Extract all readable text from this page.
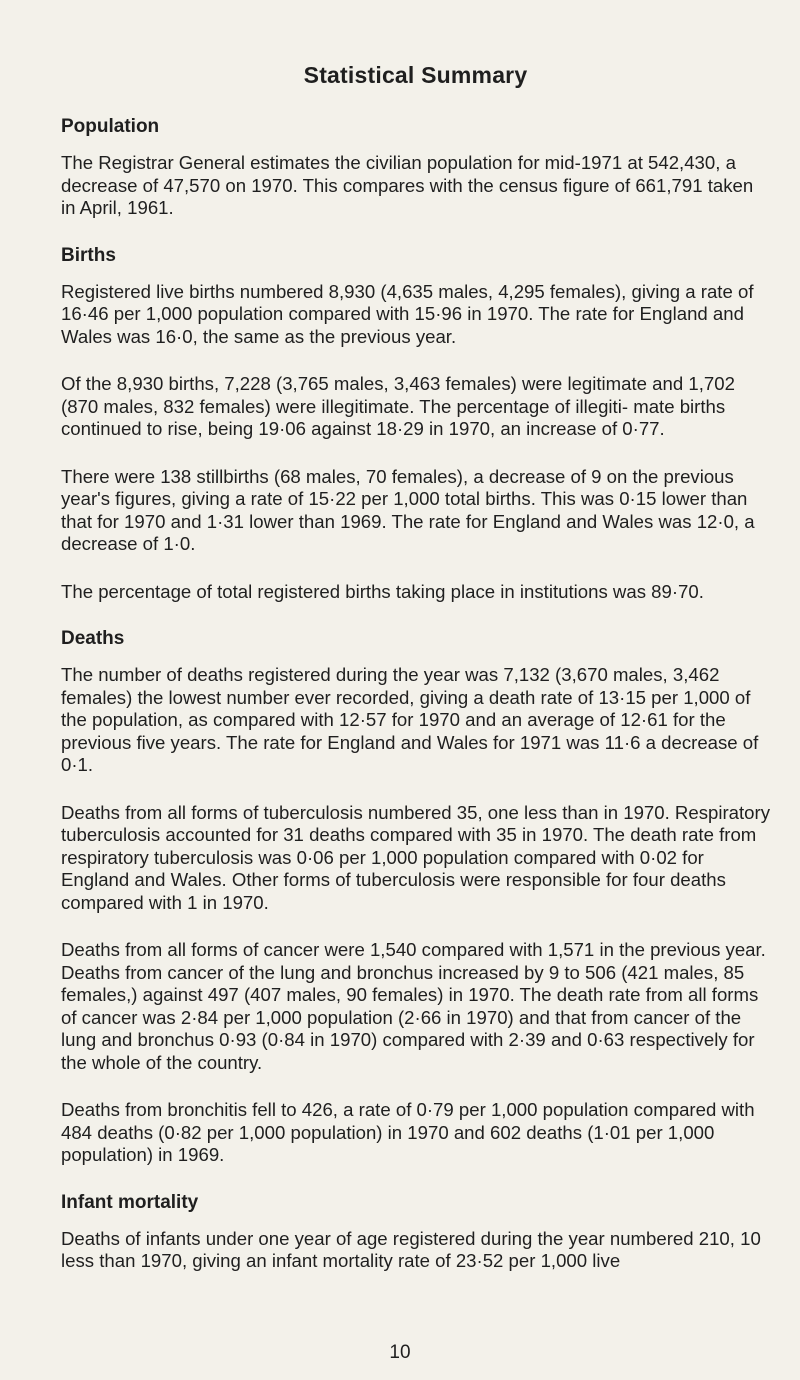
Statistical Summary
Population

The Registrar General estimates the civilian population for mid-1971 at 542,430, a decrease of 47,570 on 1970. This compares with the census figure of 661,791 taken in April, 1961.

Births

Registered live births numbered 8,930 (4,635 males, 4,295 females), giving a rate of 16·46 per 1,000 population compared with 15·96 in 1970. The rate for England and Wales was 16·0, the same as the previous year.

Of the 8,930 births, 7,228 (3,765 males, 3,463 females) were legitimate and 1,702 (870 males, 832 females) were illegitimate. The percentage of illegiti- mate births continued to rise, being 19·06 against 18·29 in 1970, an increase of 0·77.

There were 138 stillbirths (68 males, 70 females), a decrease of 9 on the previous year's figures, giving a rate of 15·22 per 1,000 total births. This was 0·15 lower than that for 1970 and 1·31 lower than 1969. The rate for England and Wales was 12·0, a decrease of 1·0.

The percentage of total registered births taking place in institutions was 89·70.

Deaths

The number of deaths registered during the year was 7,132 (3,670 males, 3,462 females) the lowest number ever recorded, giving a death rate of 13·15 per 1,000 of the population, as compared with 12·57 for 1970 and an average of 12·61 for the previous five years. The rate for England and Wales for 1971 was 11·6 a decrease of 0·1.

Deaths from all forms of tuberculosis numbered 35, one less than in 1970. Respiratory tuberculosis accounted for 31 deaths compared with 35 in 1970. The death rate from respiratory tuberculosis was 0·06 per 1,000 population compared with 0·02 for England and Wales. Other forms of tuberculosis were responsible for four deaths compared with 1 in 1970.

Deaths from all forms of cancer were 1,540 compared with 1,571 in the previous year. Deaths from cancer of the lung and bronchus increased by 9 to 506 (421 males, 85 females,) against 497 (407 males, 90 females) in 1970. The death rate from all forms of cancer was 2·84 per 1,000 population (2·66 in 1970) and that from cancer of the lung and bronchus 0·93 (0·84 in 1970) compared with 2·39 and 0·63 respectively for the whole of the country.

Deaths from bronchitis fell to 426, a rate of 0·79 per 1,000 population compared with 484 deaths (0·82 per 1,000 population) in 1970 and 602 deaths (1·01 per 1,000 population) in 1969.

Infant mortality

Deaths of infants under one year of age registered during the year numbered 210, 10 less than 1970, giving an infant mortality rate of 23·52 per 1,000 live

10
